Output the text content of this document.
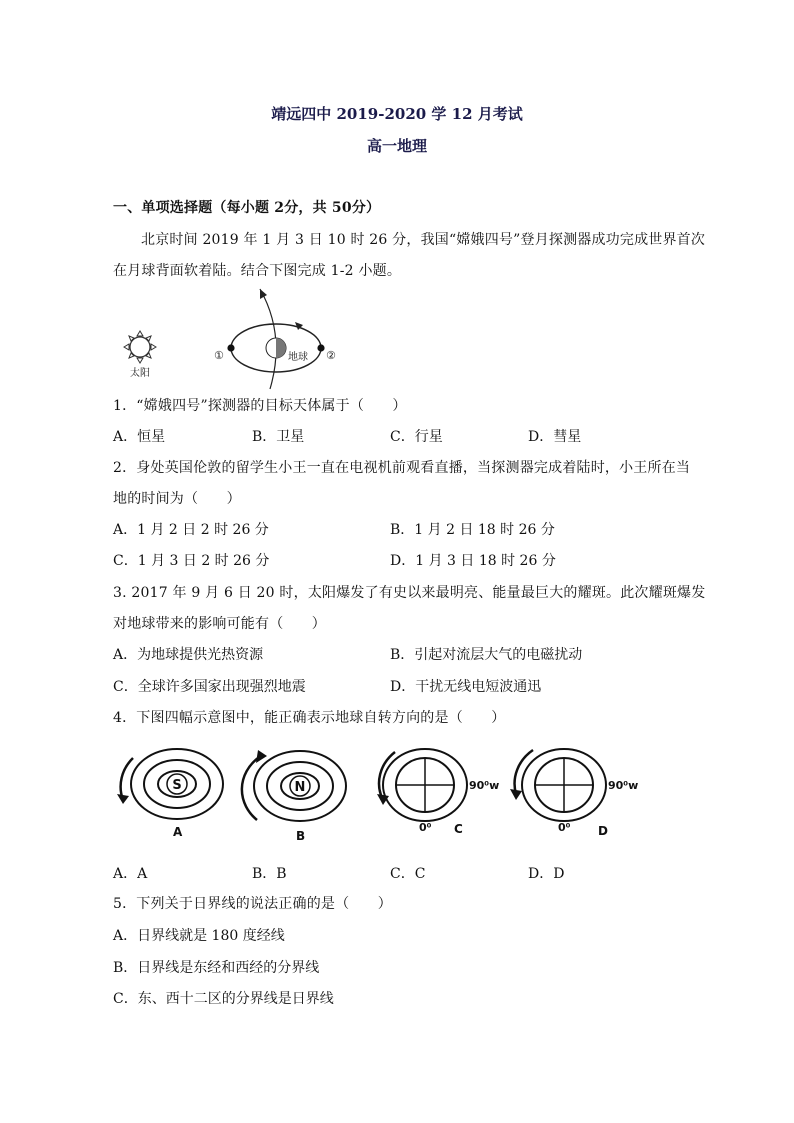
靖远四中 2019-2020 学 12 月考试
高一地理
一、单项选择题（每小题 2分，共 50分）
北京时间 2019 年 1 月 3 日 10 时 26 分，我国“嫦娥四号”登月探测器成功完成世界首次
在月球背面软着陆。结合下图完成 1-2 小题。
太阳
①	地球 ②
1．“嫦娥四号”探测器的目标天体属于（　　）
A．恒星	B．卫星	C．行星	D．彗星
2．身处英国伦敦的留学生小王一直在电视机前观看直播，当探测器完成着陆时，小王所在当
地的时间为（　　）
A．1 月 2 日 2 时 26 分	B．1 月 2 日 18 时 26 分
C．1 月 3 日 2 时 26 分	D．1 月 3 日 18 时 26 分
3. 2017 年 9 月 6 日 20 时，太阳爆发了有史以来最明亮、能量最巨大的耀斑。此次耀斑爆发
对地球带来的影响可能有（　　）
A．为地球提供光热资源	B．引起对流层大气的电磁扰动
C．全球许多国家出现强烈地震	D．干扰无线电短波通迅
4．下图四幅示意图中，能正确表示地球自转方向的是（　　）
S	N	90⁰w	90⁰w
0⁰	0⁰
A	B	C	D
A．A	B．B	C．C	D．D
5．下列关于日界线的说法正确的是（　　）
A．日界线就是 180 度经线
B．日界线是东经和西经的分界线
C．东、西十二区的分界线是日界线
